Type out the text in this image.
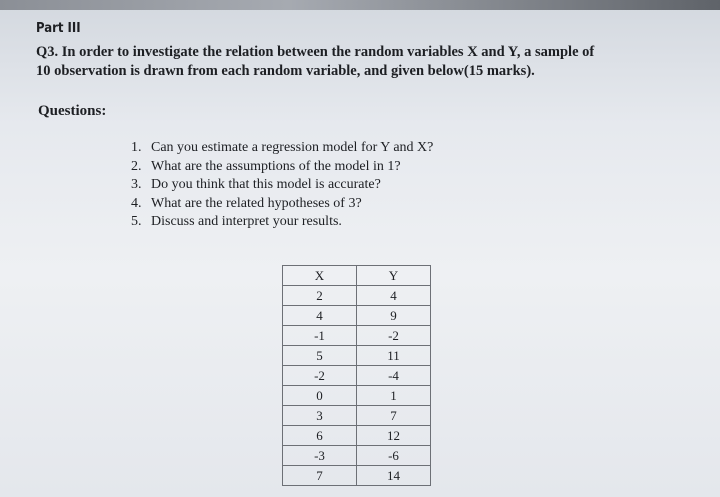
Part III
Q3. In order to investigate the relation between the random variables X and Y, a sample of
10 observation is drawn from each random variable, and given below(15 marks).
Questions:
1. Can you estimate a regression model for Y and X?
2. What are the assumptions of the model in 1?
3. Do you think that this model is accurate?
4. What are the related hypotheses of 3?
5. Discuss and interpret your results.
X	Y
2	4
4	9
-1	-2
5	11
-2	-4
0	1
3	7
6	12
-3	-6
7	14
